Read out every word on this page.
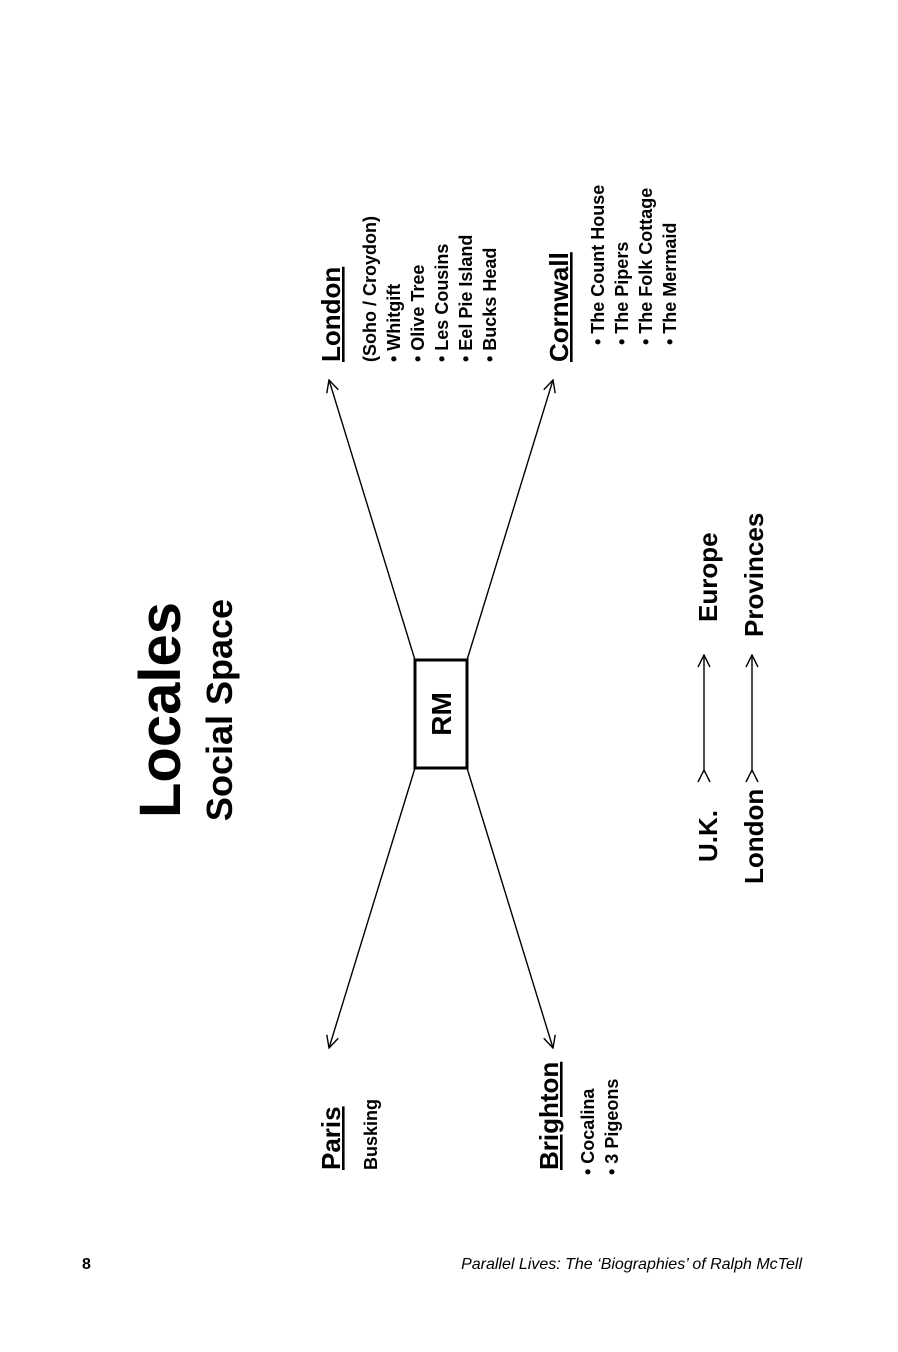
Locales Social Space	RM
London (Soho / Croydon) • Whitgift • Olive Tree • Les Cousins • Eel Pie Island • Bucks Head Cornwall • The Count House • The Pipers • The Folk Cottage • The Mermaid
Paris Busking	Brighton • Cocalina • 3 Pigeons
U.K.
Europe
London
Provinces
8	Parallel Lives: The ‘Biographies’ of Ralph McTell
